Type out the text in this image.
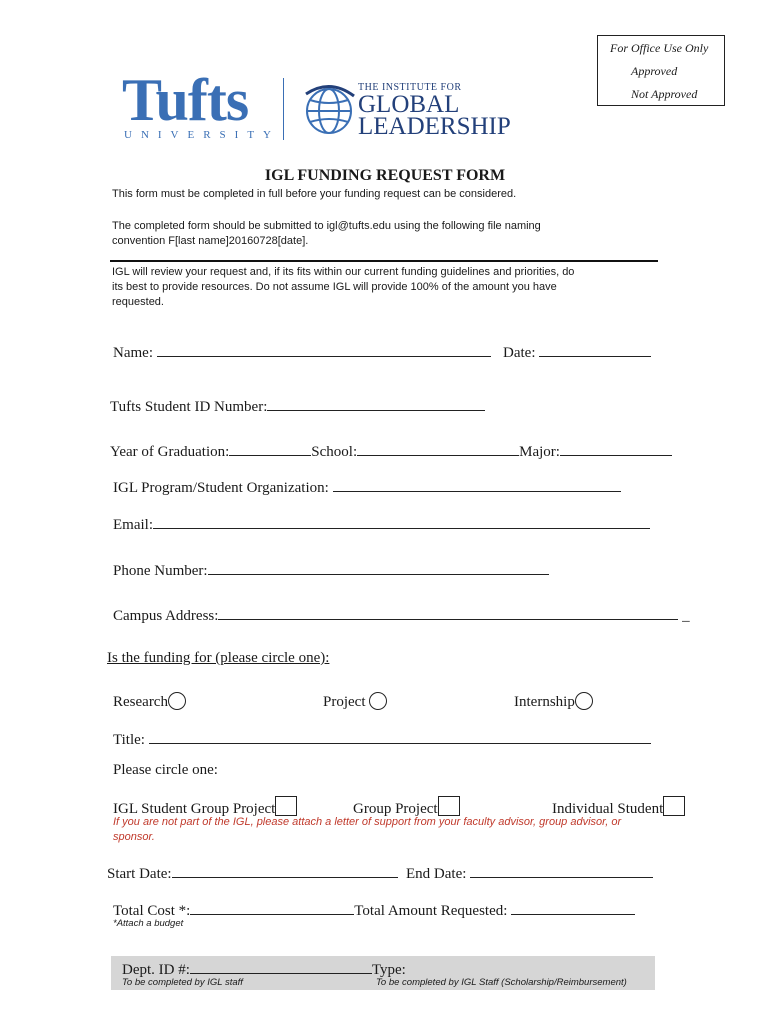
For Office Use Only
Approved
Not Approved
Tufts
UNIVERSITY
THE INSTITUTE FOR
GLOBAL
LEADERSHIP
IGL FUNDING REQUEST FORM
This form must be completed in full before your funding request can be considered.
The completed form should be submitted to igl@tufts.edu using the following file naming
convention F[last name]20160728[date].
IGL will review your request and, if its fits within our current funding guidelines and priorities, do
its best to provide resources. Do not assume IGL will provide 100% of the amount you have
requested.
Name:	Date:
Tufts Student ID Number:
Year of Graduation:	School:	Major:
IGL Program/Student Organization:
Email:
Phone Number:
Campus Address:	_
Is the funding for (please circle one):
Research	Project	Internship
Title:
Please circle one:
IGL Student Group Project	Group Project	Individual Student
If you are not part of the IGL, please attach a letter of support from your faculty advisor, group advisor, or
sponsor.
Start Date:	End Date:
Total Cost *:	Total Amount Requested:
*Attach a budget
Dept. ID #:	Type:
To be completed by IGL staff	To be completed by IGL Staff (Scholarship/Reimbursement)
